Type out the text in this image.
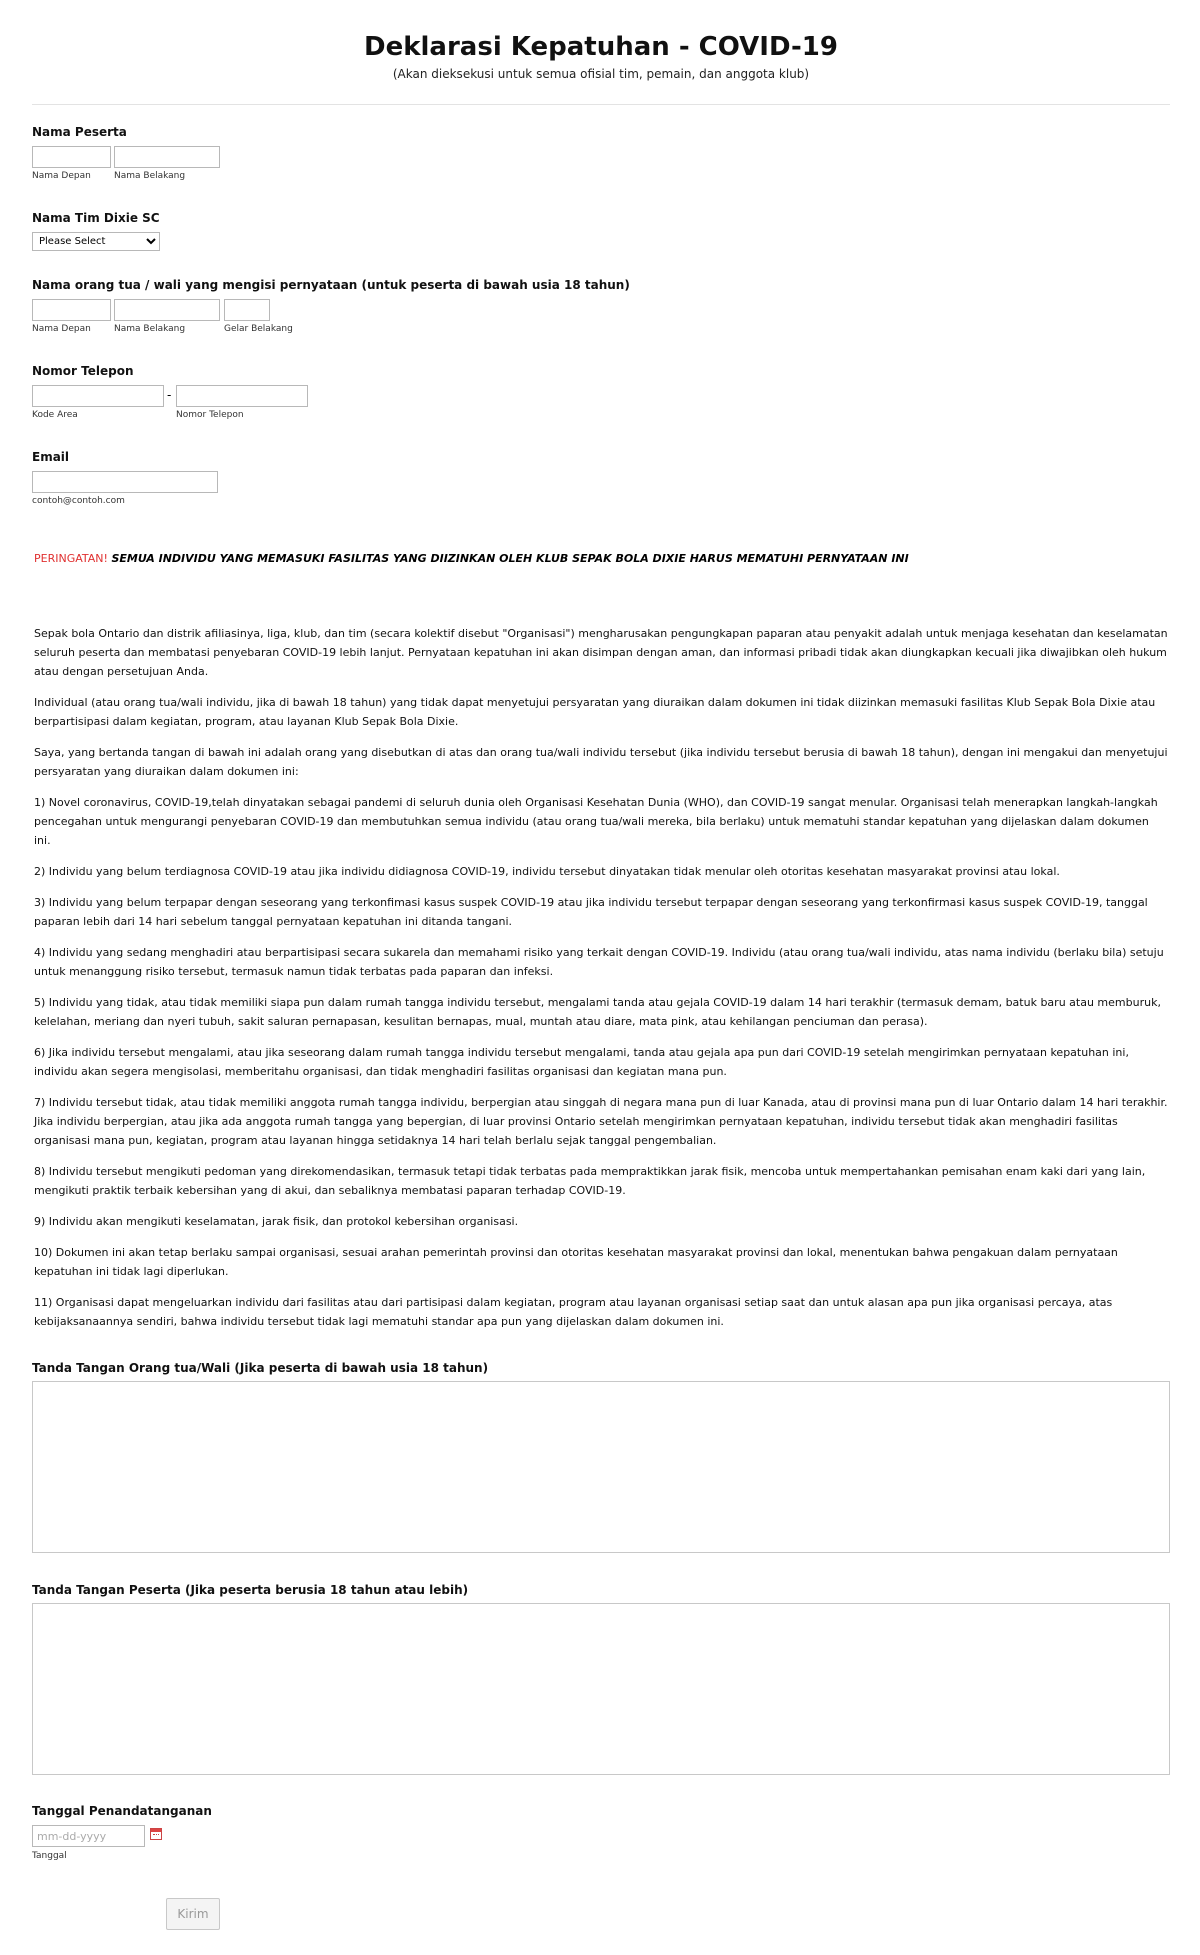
Deklarasi Kepatuhan - COVID-19
(Akan dieksekusi untuk semua ofisial tim, pemain, dan anggota klub)
Nama Peserta
Nama Depan	Nama Belakang
Nama Tim Dixie SC
Please Select
Nama orang tua / wali yang mengisi pernyataan (untuk peserta di bawah usia 18 tahun)
Nama Depan	Nama Belakang	Gelar Belakang
Nomor Telepon
-
Kode Area	Nomor Telepon
Email
contoh@contoh.com
PERINGATAN! SEMUA INDIVIDU YANG MEMASUKI FASILITAS YANG DIIZINKAN OLEH KLUB SEPAK BOLA DIXIE HARUS MEMATUHI PERNYATAAN INI

Sepak bola Ontario dan distrik afiliasinya, liga, klub, dan tim (secara kolektif disebut "Organisasi") mengharusakan pengungkapan paparan atau penyakit adalah untuk menjaga kesehatan dan keselamatan seluruh peserta dan membatasi penyebaran COVID-19 lebih lanjut. Pernyataan kepatuhan ini akan disimpan dengan aman, dan informasi pribadi tidak akan diungkapkan kecuali jika diwajibkan oleh hukum atau dengan persetujuan Anda.

Individual (atau orang tua/wali individu, jika di bawah 18 tahun) yang tidak dapat menyetujui persyaratan yang diuraikan dalam dokumen ini tidak diizinkan memasuki fasilitas Klub Sepak Bola Dixie atau berpartisipasi dalam kegiatan, program, atau layanan Klub Sepak Bola Dixie.

Saya, yang bertanda tangan di bawah ini adalah orang yang disebutkan di atas dan orang tua/wali individu tersebut (jika individu tersebut berusia di bawah 18 tahun), dengan ini mengakui dan menyetujui persyaratan yang diuraikan dalam dokumen ini:

1) Novel coronavirus, COVID-19,telah dinyatakan sebagai pandemi di seluruh dunia oleh Organisasi Kesehatan Dunia (WHO), dan COVID-19 sangat menular. Organisasi telah menerapkan langkah-langkah pencegahan untuk mengurangi penyebaran COVID-19 dan membutuhkan semua individu (atau orang tua/wali mereka, bila berlaku) untuk mematuhi standar kepatuhan yang dijelaskan dalam dokumen ini.

2) Individu yang belum terdiagnosa COVID-19 atau jika individu didiagnosa COVID-19, individu tersebut dinyatakan tidak menular oleh otoritas kesehatan masyarakat provinsi atau lokal.

3) Individu yang belum terpapar dengan seseorang yang terkonfimasi kasus suspek COVID-19 atau jika individu tersebut terpapar dengan seseorang yang terkonfirmasi kasus suspek COVID-19, tanggal paparan lebih dari 14 hari sebelum tanggal pernyataan kepatuhan ini ditanda tangani.

4) Individu yang sedang menghadiri atau berpartisipasi secara sukarela dan memahami risiko yang terkait dengan COVID-19. Individu (atau orang tua/wali individu, atas nama individu (berlaku bila) setuju untuk menanggung risiko tersebut, termasuk namun tidak terbatas pada paparan dan infeksi.

5) Individu yang tidak, atau tidak memiliki siapa pun dalam rumah tangga individu tersebut, mengalami tanda atau gejala COVID-19 dalam 14 hari terakhir (termasuk demam, batuk baru atau memburuk, kelelahan, meriang dan nyeri tubuh, sakit saluran pernapasan, kesulitan bernapas, mual, muntah atau diare, mata pink, atau kehilangan penciuman dan perasa).

6) Jika individu tersebut mengalami, atau jika seseorang dalam rumah tangga individu tersebut mengalami, tanda atau gejala apa pun dari COVID-19 setelah mengirimkan pernyataan kepatuhan ini, individu akan segera mengisolasi, memberitahu organisasi, dan tidak menghadiri fasilitas organisasi dan kegiatan mana pun.

7) Individu tersebut tidak, atau tidak memiliki anggota rumah tangga individu, berpergian atau singgah di negara mana pun di luar Kanada, atau di provinsi mana pun di luar Ontario dalam 14 hari terakhir. Jika individu berpergian, atau jika ada anggota rumah tangga yang bepergian, di luar provinsi Ontario setelah mengirimkan pernyataan kepatuhan, individu tersebut tidak akan menghadiri fasilitas organisasi mana pun, kegiatan, program atau layanan hingga setidaknya 14 hari telah berlalu sejak tanggal pengembalian.

8) Individu tersebut mengikuti pedoman yang direkomendasikan, termasuk tetapi tidak terbatas pada mempraktikkan jarak fisik, mencoba untuk mempertahankan pemisahan enam kaki dari yang lain, mengikuti praktik terbaik kebersihan yang di akui, dan sebaliknya membatasi paparan terhadap COVID-19.

9) Individu akan mengikuti keselamatan, jarak fisik, dan protokol kebersihan organisasi.

10) Dokumen ini akan tetap berlaku sampai organisasi, sesuai arahan pemerintah provinsi dan otoritas kesehatan masyarakat provinsi dan lokal, menentukan bahwa pengakuan dalam pernyataan kepatuhan ini tidak lagi diperlukan.

11) Organisasi dapat mengeluarkan individu dari fasilitas atau dari partisipasi dalam kegiatan, program atau layanan organisasi setiap saat dan untuk alasan apa pun jika organisasi percaya, atas kebijaksanaannya sendiri, bahwa individu tersebut tidak lagi mematuhi standar apa pun yang dijelaskan dalam dokumen ini.

Tanda Tangan Orang tua/Wali (Jika peserta di bawah usia 18 tahun)
Tanda Tangan Peserta (Jika peserta berusia 18 tahun atau lebih)
Tanggal Penandatanganan
mm-dd-yyyy
Tanggal
Kirim
